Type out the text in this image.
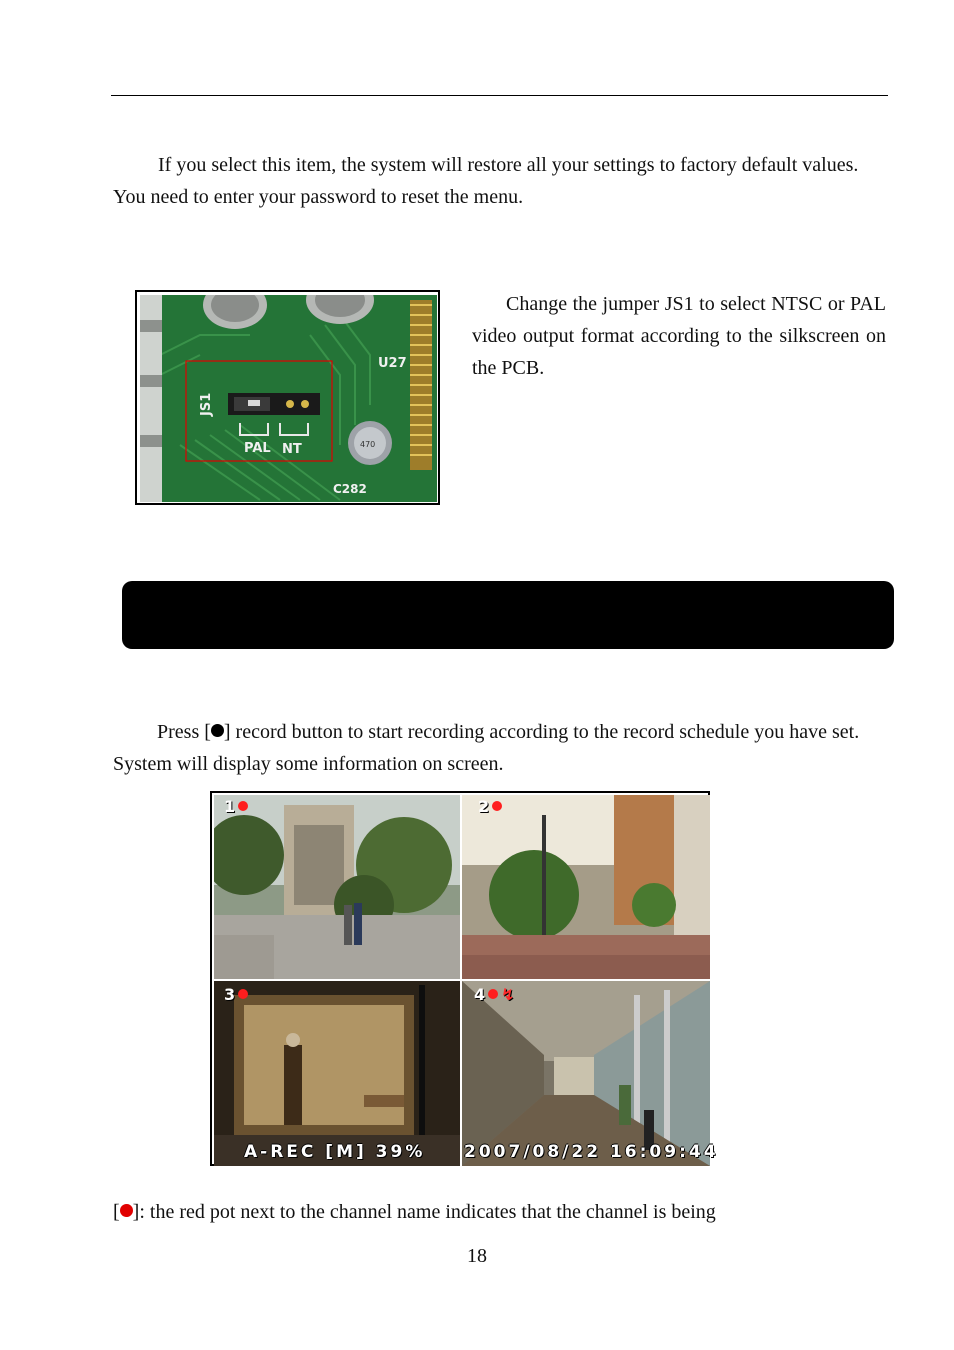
If you select this item, the system will restore all your settings to factory default values. You need to enter your password to reset the menu.

470
JS1
PAL NT
U27
C282

Change the jumper JS1 to select NTSC or PAL video output format according to the silkscreen on the PCB.

Press [ ] record button to start recording according to the record schedule you have set. System will display some information on screen.

1	2
3	4 ↯
A-REC [M] 39% 2007/08/22 16:09:44

[ ]: the red pot next to the channel name indicates that the channel is being

18
